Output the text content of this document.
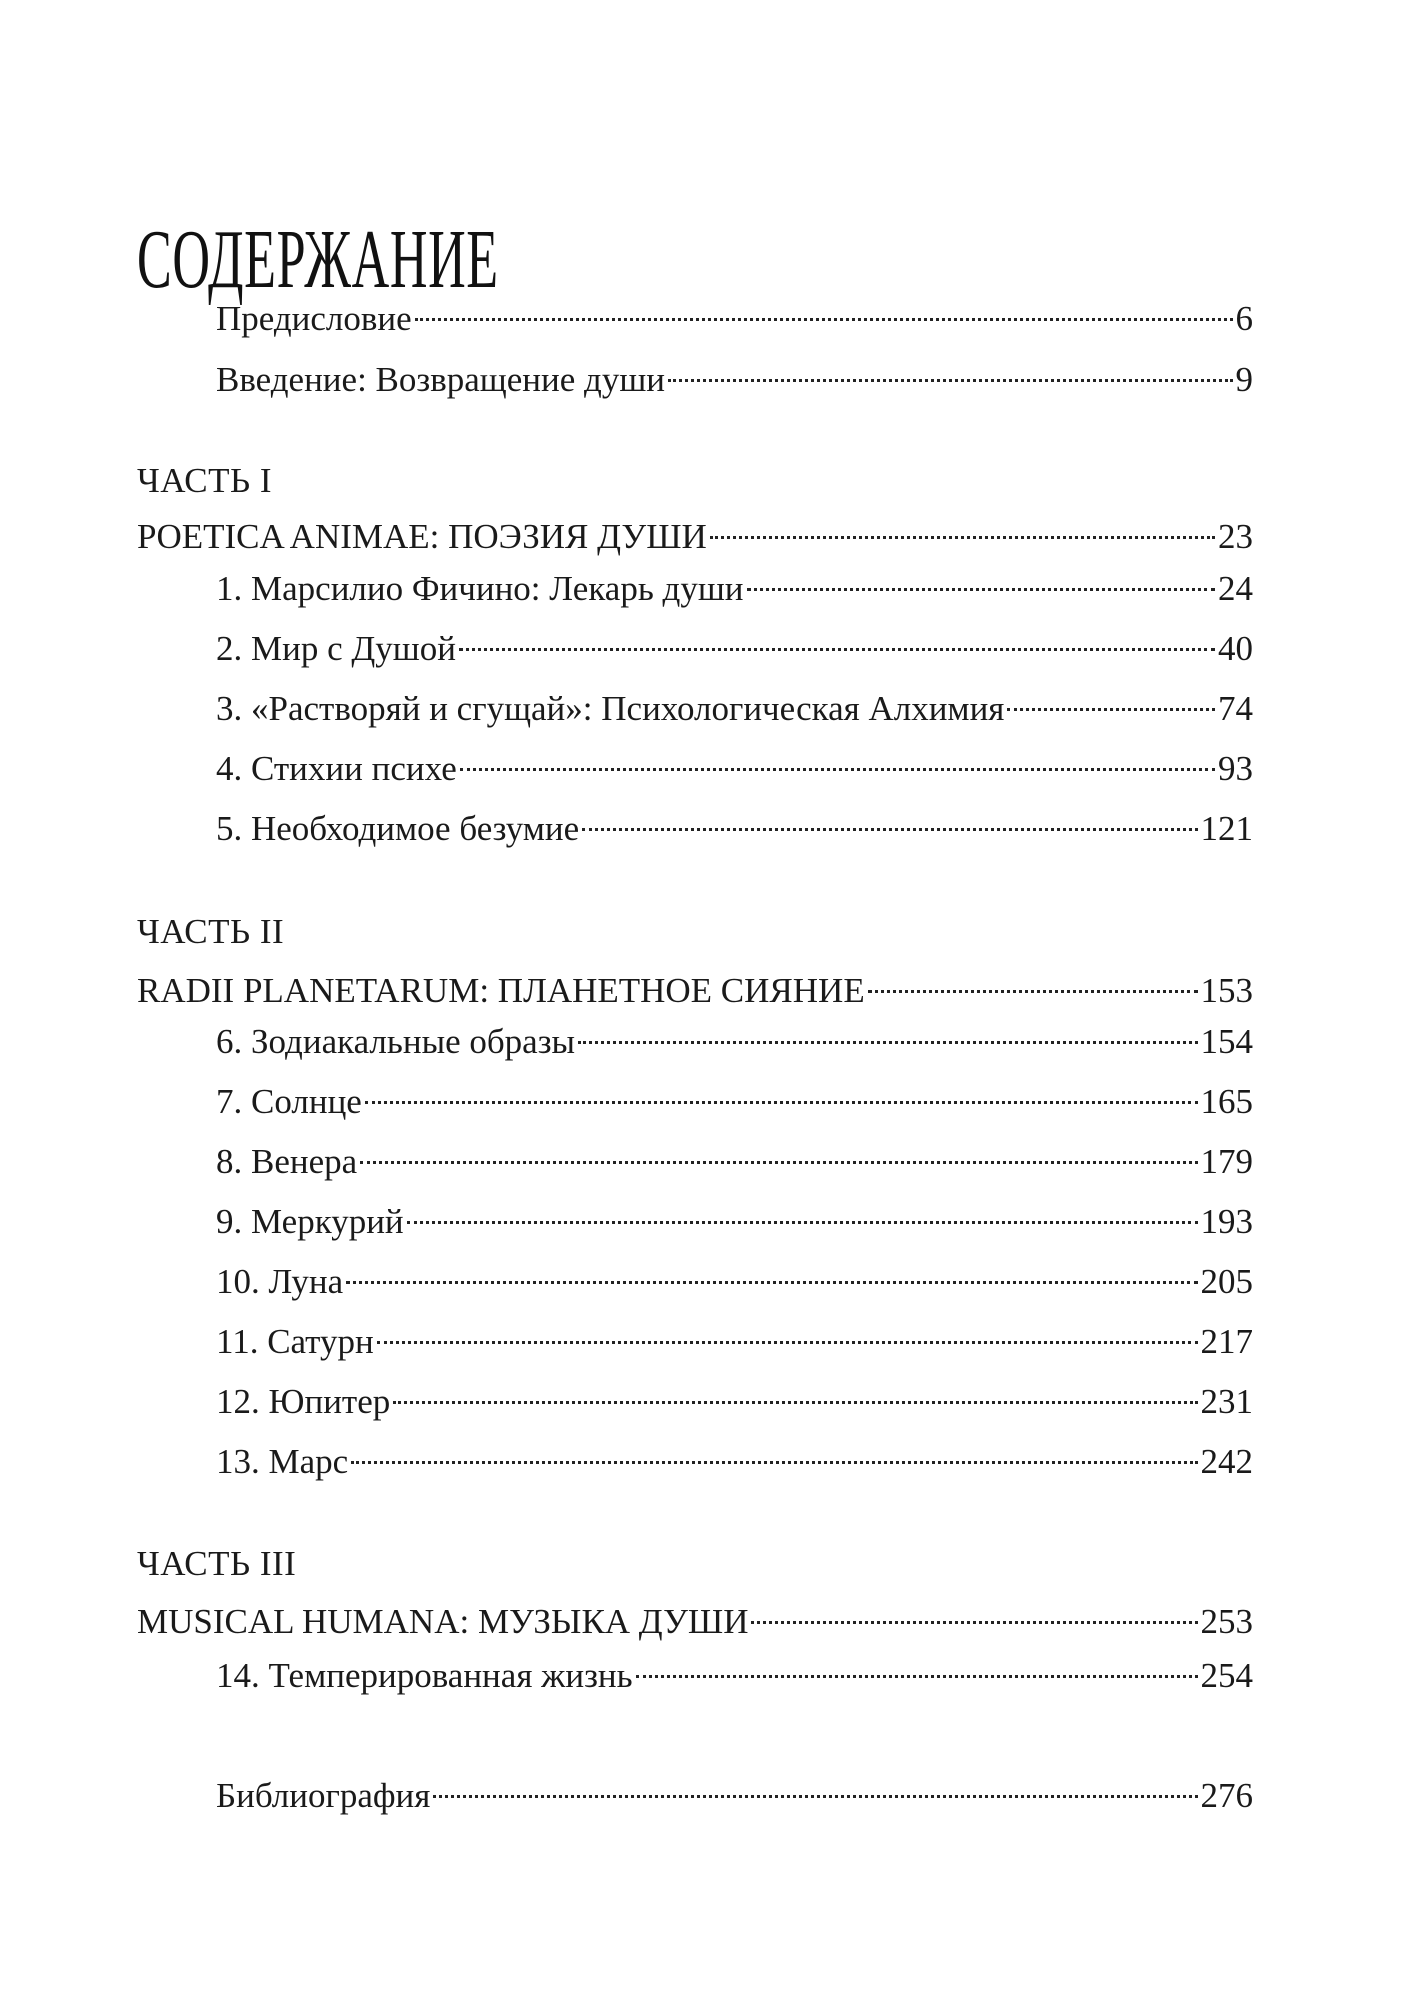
СОДЕРЖАНИЕ
Предисловие	6
Введение: Возвращение души	9
ЧАСТЬ I
POETICA ANIMAE: ПОЭЗИЯ ДУШИ	23
1. Марсилио Фичино: Лекарь души	24
2. Мир с Душой	40
3. «Растворяй и сгущай»: Психологическая Алхимия	74
4. Стихии психе	93
5. Необходимое безумие	121
ЧАСТЬ II
RADII PLANETARUM: ПЛАНЕТНОЕ СИЯНИЕ	153
6. Зодиакальные образы	154
7. Солнце	165
8. Венера	179
9. Меркурий	193
10. Луна	205
11. Сатурн	217
12. Юпитер	231
13. Марс	242
ЧАСТЬ III
MUSICAL HUMANA: МУЗЫКА ДУШИ	253
14. Темперированная жизнь	254
Библиография	276
